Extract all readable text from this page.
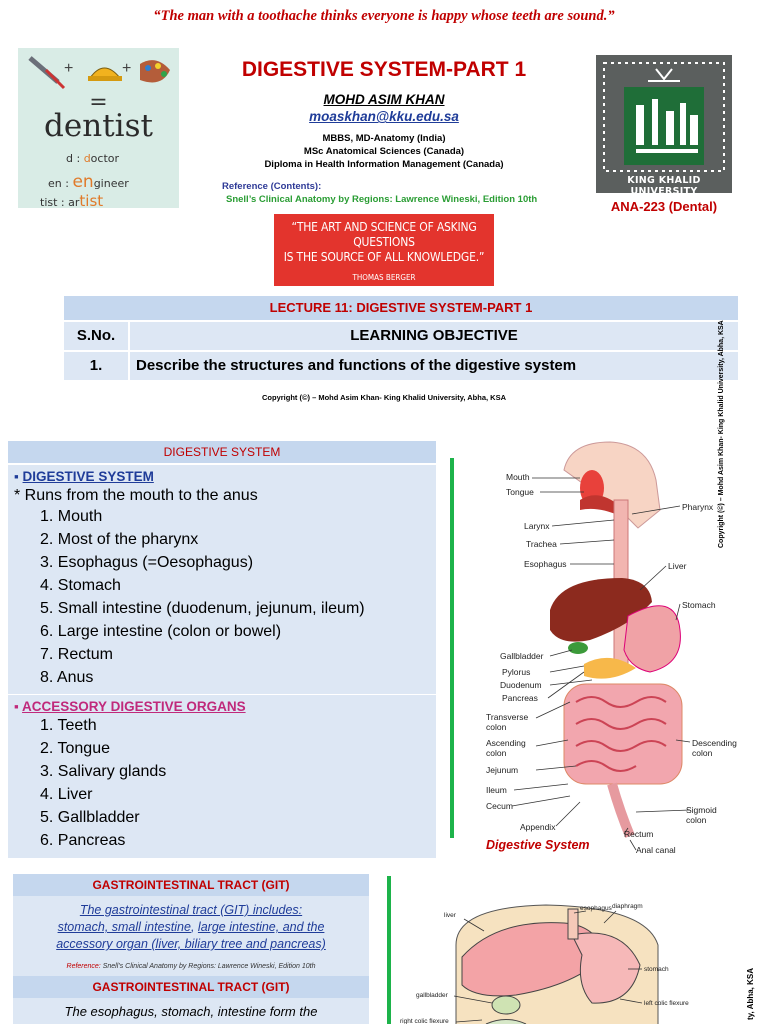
“The man with a toothache thinks everyone is happy whose teeth are sound.”
+	+
=
dentist
d : doctor
en : engineer
tist : artist
DIGESTIVE SYSTEM-PART 1
MOHD ASIM KHAN
moaskhan@kku.edu.sa
MBBS, MD-Anatomy (India)
MSc Anatomical Sciences (Canada)
Diploma in Health Information Management (Canada)
Reference (Contents):
Snell’s Clinical Anatomy by Regions: Lawrence Wineski, Edition 10th
KING KHALID UNIVERSITY
ANA-223 (Dental)
“THE ART AND SCIENCE OF ASKING QUESTIONS
IS THE SOURCE OF ALL KNOWLEDGE.”
THOMAS BERGER
LECTURE 11: DIGESTIVE SYSTEM-PART 1
S.No.	LEARNING OBJECTIVE
1.	Describe the structures and functions of the digestive system
Copyright (©) – Mohd Asim Khan- King Khalid University, Abha, KSA
DIGESTIVE SYSTEM
▪ DIGESTIVE SYSTEM
* Runs from the mouth to the anus
1. Mouth
2. Most of the pharynx
3. Esophagus (=Oesophagus)
4. Stomach
5. Small intestine (duodenum, jejunum, ileum)
6. Large intestine (colon or bowel)
7. Rectum
8. Anus
▪ ACCESSORY DIGESTIVE ORGANS
1. Teeth
2. Tongue
3. Salivary glands
4. Liver
5. Gallbladder
6. Pancreas
Mouth
Tongue
Pharynx
Larynx
Trachea
Esophagus	Liver
Stomach
Gallbladder
Pylorus
Duodenum
Pancreas
Transverse
colon
Ascending
colon
Descending
colon
Jejunum
Ileum
Cecum	Sigmoid
colon
Appendix
Rectum
Anal canal
Digestive System
Copyright (©) – Mohd Asim Khan- King Khalid University, Abha, KSA
GASTROINTESTINAL TRACT (GIT)
The gastrointestinal tract (GIT) includes:
stomach, small intestine, large intestine, and the
accessory organ (liver, biliary tree and pancreas)
Reference: Snell’s Clinical Anatomy by Regions: Lawrence Wineski, Edition 10th
GASTROINTESTINAL TRACT (GIT)
The esophagus, stomach, intestine form the
liver
esophagus diaphragm
stomach
gallbladder
left colic flexure
right colic flexure
ty, Abha, KSA
